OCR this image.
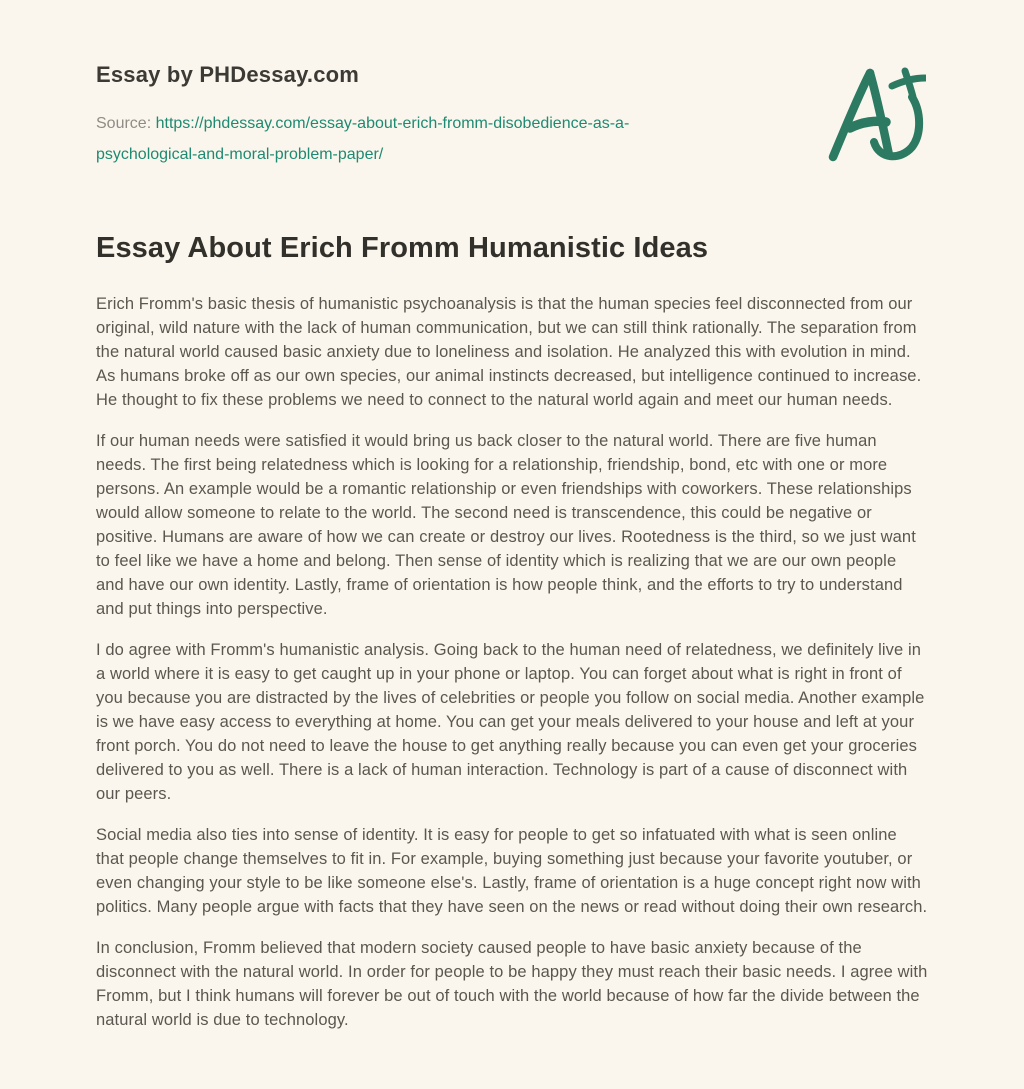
Essay by PHDessay.com
Source: https://phdessay.com/essay-about-erich-fromm-disobedience-as-a-psychological-and-moral-problem-paper/
Essay About Erich Fromm Humanistic Ideas

Erich Fromm's basic thesis of humanistic psychoanalysis is that the human species feel disconnected from our original, wild nature with the lack of human communication, but we can still think rationally. The separation from the natural world caused basic anxiety due to loneliness and isolation. He analyzed this with evolution in mind. As humans broke off as our own species, our animal instincts decreased, but intelligence continued to increase. He thought to fix these problems we need to connect to the natural world again and meet our human needs.

If our human needs were satisfied it would bring us back closer to the natural world. There are five human needs. The first being relatedness which is looking for a relationship, friendship, bond, etc with one or more persons. An example would be a romantic relationship or even friendships with coworkers. These relationships would allow someone to relate to the world. The second need is transcendence, this could be negative or positive. Humans are aware of how we can create or destroy our lives. Rootedness is the third, so we just want to feel like we have a home and belong. Then sense of identity which is realizing that we are our own people and have our own identity. Lastly, frame of orientation is how people think, and the efforts to try to understand and put things into perspective.

I do agree with Fromm's humanistic analysis. Going back to the human need of relatedness, we definitely live in a world where it is easy to get caught up in your phone or laptop. You can forget about what is right in front of you because you are distracted by the lives of celebrities or people you follow on social media. Another example is we have easy access to everything at home. You can get your meals delivered to your house and left at your front porch. You do not need to leave the house to get anything really because you can even get your groceries delivered to you as well. There is a lack of human interaction. Technology is part of a cause of disconnect with our peers.

Social media also ties into sense of identity. It is easy for people to get so infatuated with what is seen online that people change themselves to fit in. For example, buying something just because your favorite youtuber, or even changing your style to be like someone else's. Lastly, frame of orientation is a huge concept right now with politics. Many people argue with facts that they have seen on the news or read without doing their own research.

In conclusion, Fromm believed that modern society caused people to have basic anxiety because of the disconnect with the natural world. In order for people to be happy they must reach their basic needs. I agree with Fromm, but I think humans will forever be out of touch with the world because of how far the divide between the natural world is due to technology.
